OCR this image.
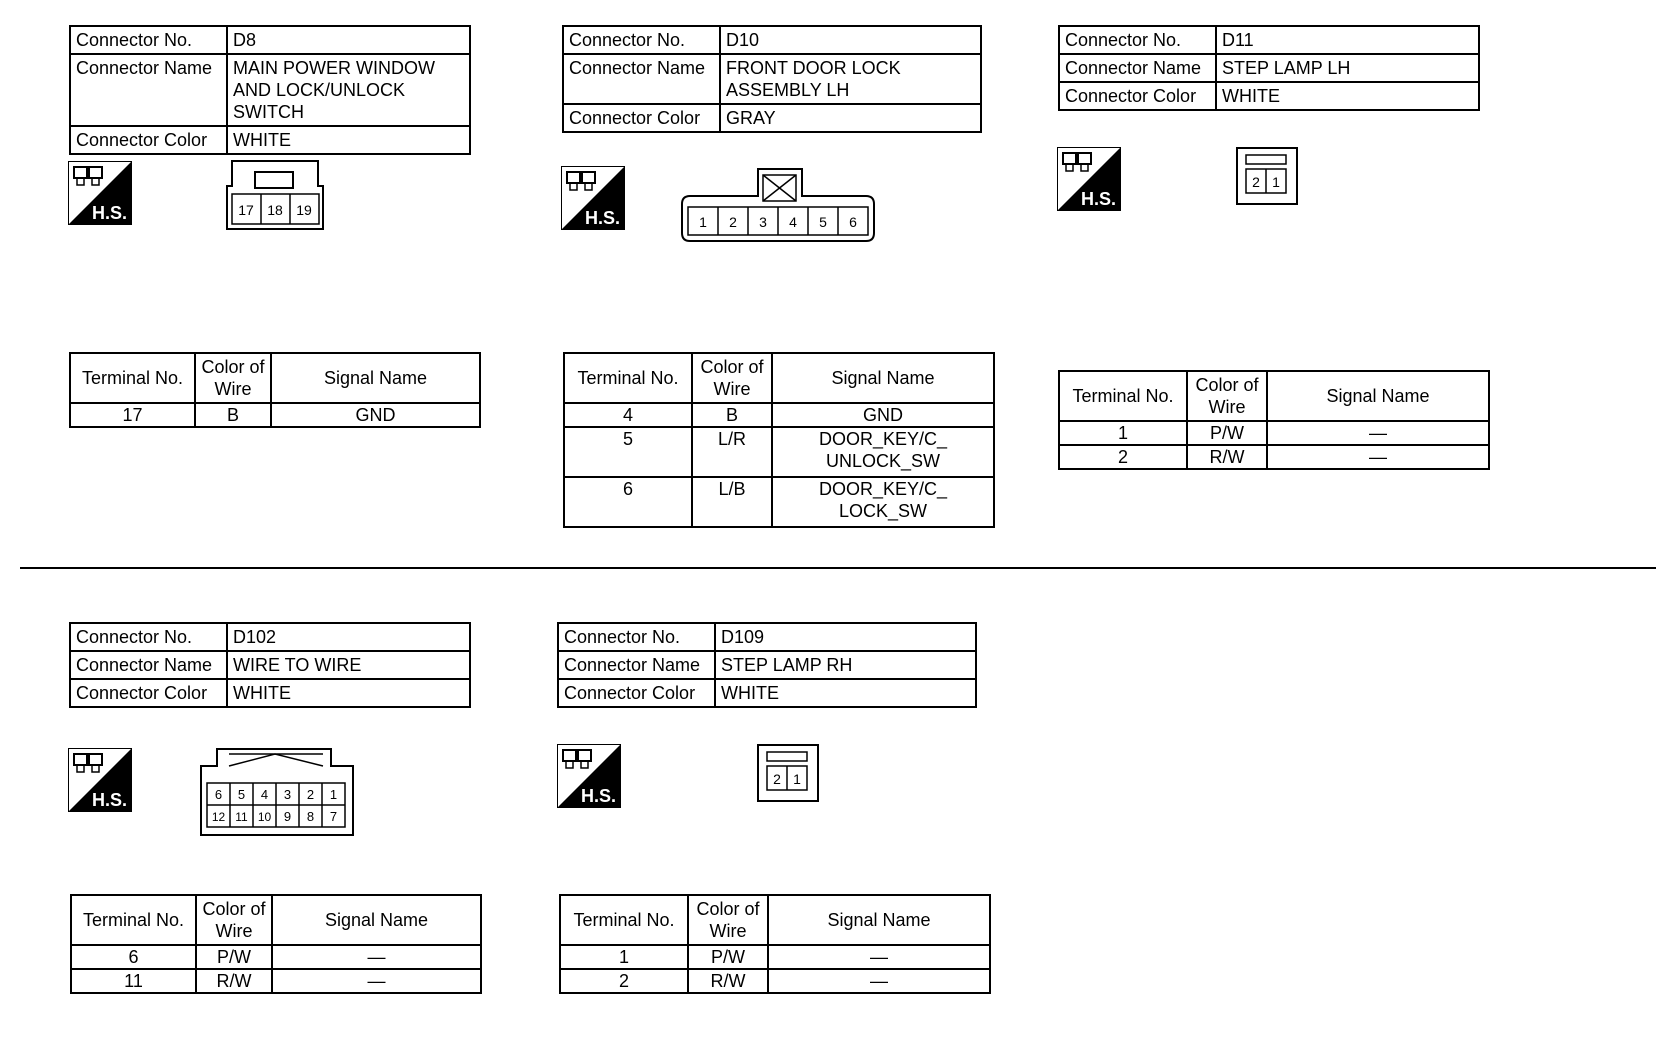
Connector No.	D8
Connector Name	MAIN POWER WINDOW AND LOCK/UNLOCK SWITCH
Connector Color	WHITE
H.S.	17 18 19
Terminal No.	Color of Wire	Signal Name
17	B	GND
Connector No.	D10
Connector Name	FRONT DOOR LOCK ASSEMBLY LH
Connector Color	GRAY
H.S.	1 2 3 4 5 6
Terminal No.	Color of Wire	Signal Name
4	B	GND
5	L/R	DOOR_KEY/C_ UNLOCK_SW
6	L/B	DOOR_KEY/C_ LOCK_SW
Connector No.	D11
Connector Name	STEP LAMP LH
Connector Color	WHITE
H.S.
2 1
Terminal No.	Color of Wire	Signal Name
1	P/W	—
2	R/W	—
Connector No.	D102
Connector Name	WIRE TO WIRE
Connector Color	WHITE
H.S.	6 5 4 3 2 1
12 11 10 9 8 7
Terminal No.	Color of Wire	Signal Name
6	P/W	—
11	R/W	—
Connector No.	D109
Connector Name	STEP LAMP RH
Connector Color	WHITE
H.S.
2 1
Terminal No.	Color of Wire	Signal Name
1	P/W	—
2	R/W	—
